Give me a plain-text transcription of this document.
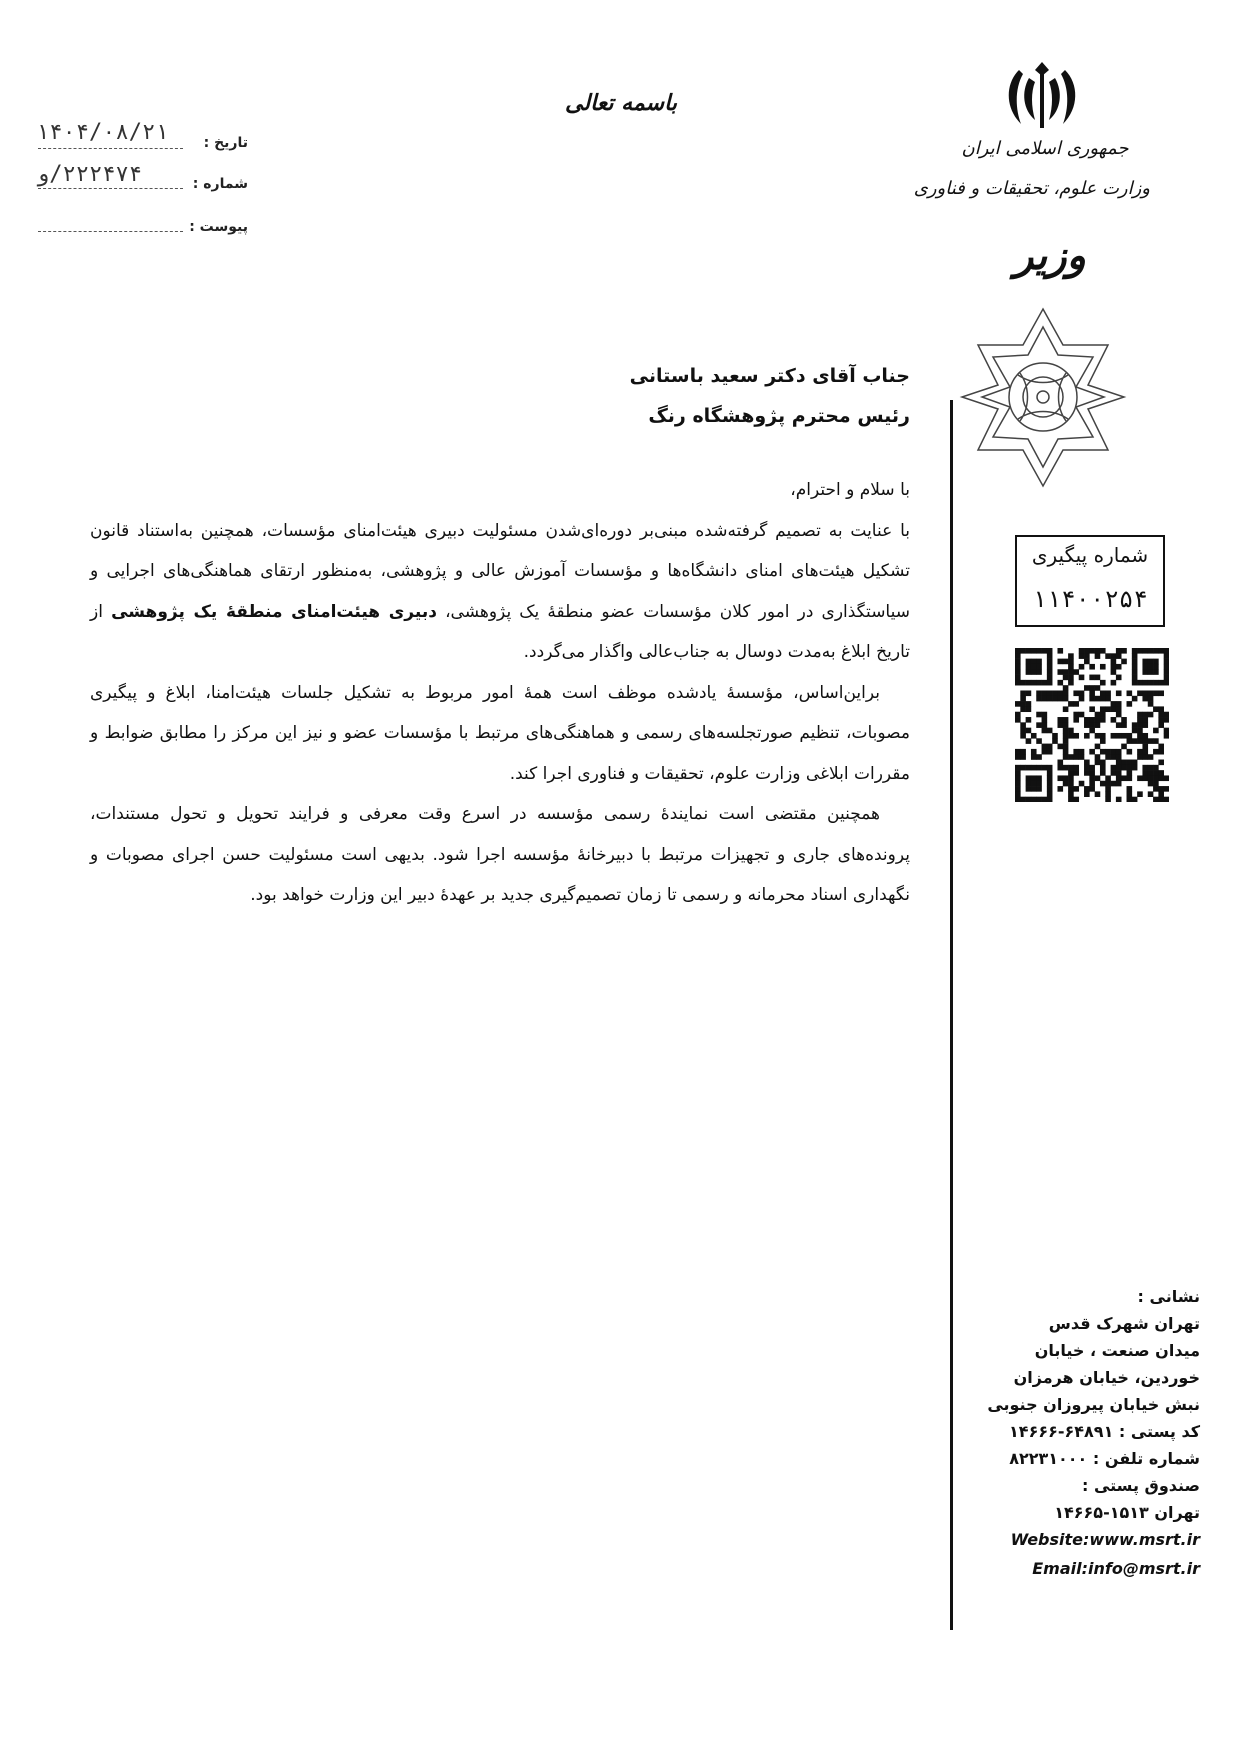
باسمه تعالی
تاریخ :
۱۴۰۴/۰۸/۲۱
شماره :
۲۲۲۴۷۴/و
پیوست :
جمهوری اسلامی ایران
وزارت علوم، تحقیقات و فناوری
وزیر
شماره پیگیری
۱۱۴۰۰۲۵۴
جناب آقای دکتر سعید باستانی
رئیس محترم پژوهشگاه رنگ

با سلام و احترام،

با عنایت به تصمیم گرفته‌شده مبنی‌بر دوره‌ای‌شدن مسئولیت دبیری هیئت‌امنای مؤسسات، همچنین به‌استناد قانون تشکیل هیئت‌های امنای دانشگاه‌ها و مؤسسات آموزش عالی و پژوهشی، به‌منظور ارتقای هماهنگی‌های اجرایی و سیاستگذاری در امور کلان مؤسسات عضو منطقهٔ یک پژوهشی، دبیری هیئت‌امنای منطقهٔ یک پژوهشی از تاریخ ابلاغ به‌مدت دوسال به جناب‌عالی واگذار می‌گردد.

براین‌اساس، مؤسسهٔ یادشده موظف است همهٔ امور مربوط به تشکیل جلسات هیئت‌امنا، ابلاغ و پیگیری مصوبات، تنظیم صورتجلسه‌های رسمی و هماهنگی‌های مرتبط با مؤسسات عضو و نیز این مرکز را مطابق ضوابط و مقررات ابلاغی وزارت علوم، تحقیقات و فناوری اجرا کند.

همچنین مقتضی است نمایندهٔ رسمی مؤسسه در اسرع وقت معرفی و فرایند تحویل و تحول مستندات، پرونده‌های جاری و تجهیزات مرتبط با دبیرخانهٔ مؤسسه اجرا شود. بدیهی است مسئولیت حسن اجرای مصوبات و نگهداری اسناد محرمانه و رسمی تا زمان تصمیم‌گیری جدید بر عهدهٔ دبیر این وزارت خواهد بود.

نشانی :
تهران شهرک قدس
میدان صنعت ، خیابان
خوردین، خیابان هرمزان
نبش خیابان پیروزان جنوبی
کد پستی : ۶۴۸۹۱-۱۴۶۶۶
شماره تلفن : ۸۲۲۳۱۰۰۰
صندوق پستی :
تهران ۱۵۱۳-۱۴۶۶۵
Website:www.msrt.ir
Email:info@msrt.ir
